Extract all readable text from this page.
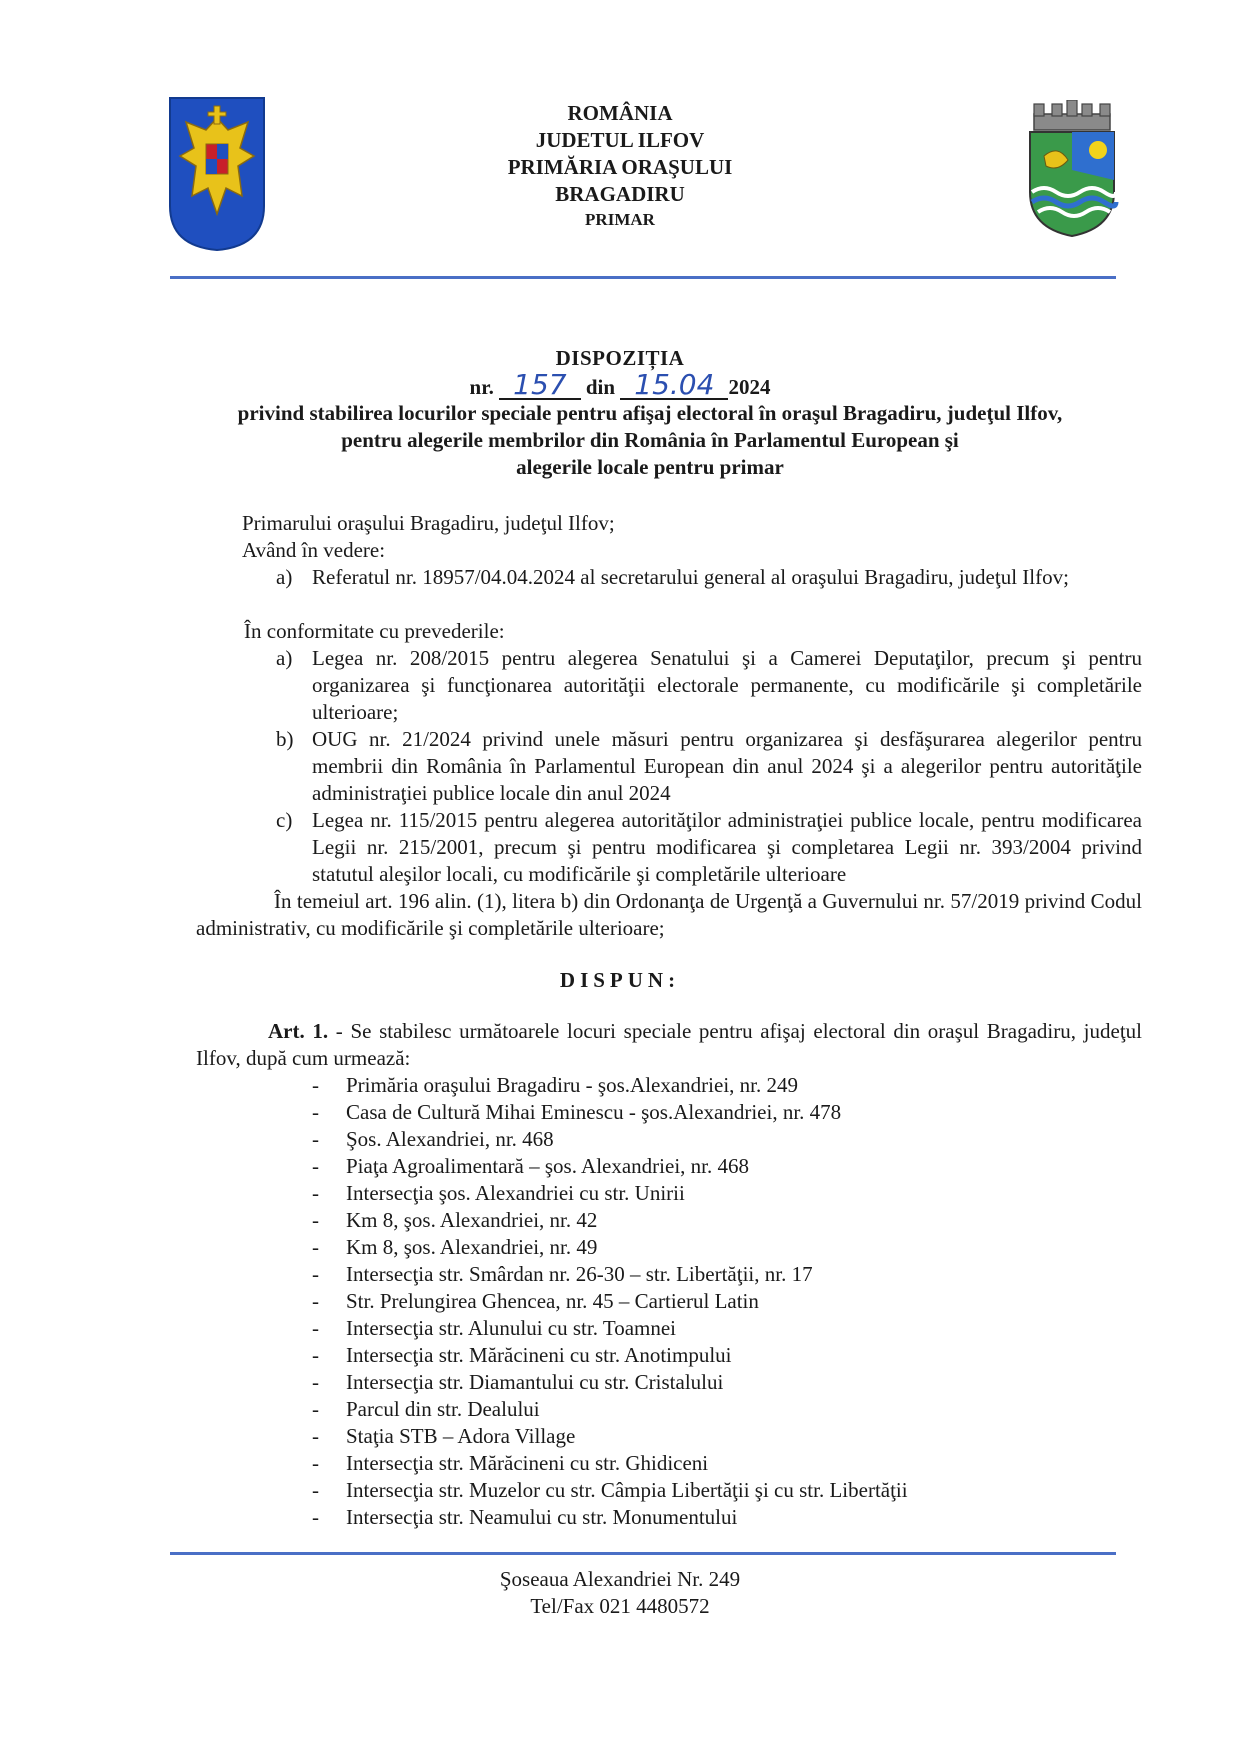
ROMÂNIA
JUDETUL ILFOV
PRIMĂRIA ORAŞULUI
BRAGADIRU
PRIMAR
DISPOZIȚIA
nr. 157 din 15.04 2024
privind stabilirea locurilor speciale pentru afişaj electoral în oraşul Bragadiru, judeţul Ilfov,
pentru alegerile membrilor din România în Parlamentul European şi
alegerile locale pentru primar
Primarului oraşului Bragadiru, judeţul Ilfov;
Având în vedere:
a) Referatul nr. 18957/04.04.2024 al secretarului general al oraşului Bragadiru, judeţul Ilfov;
În conformitate cu prevederile:
a) Legea nr. 208/2015 pentru alegerea Senatului şi a Camerei Deputaţilor, precum şi pentru organizarea şi funcţionarea autorităţii electorale permanente, cu modificările şi completările ulterioare;
b) OUG nr. 21/2024 privind unele măsuri pentru organizarea şi desfăşurarea alegerilor pentru membrii din România în Parlamentul European din anul 2024 şi a alegerilor pentru autorităţile administraţiei publice locale din anul 2024
c) Legea nr. 115/2015 pentru alegerea autorităţilor administraţiei publice locale, pentru modificarea Legii nr. 215/2001, precum şi pentru modificarea şi completarea Legii nr. 393/2004 privind statutul aleşilor locali, cu modificările şi completările ulterioare
În temeiul art. 196 alin. (1), litera b) din Ordonanţa de Urgenţă a Guvernului nr. 57/2019 privind Codul administrativ, cu modificările şi completările ulterioare;
DISPUN:
Art. 1. - Se stabilesc următoarele locuri speciale pentru afişaj electoral din oraşul Bragadiru, judeţul Ilfov, după cum urmează:
- Primăria oraşului Bragadiru - şos.Alexandriei, nr. 249
- Casa de Cultură Mihai Eminescu - şos.Alexandriei, nr. 478
- Şos. Alexandriei, nr. 468
- Piaţa Agroalimentară – şos. Alexandriei, nr. 468
- Intersecţia şos. Alexandriei cu str. Unirii
- Km 8, şos. Alexandriei, nr. 42
- Km 8, şos. Alexandriei, nr. 49
- Intersecţia str. Smârdan nr. 26-30 – str. Libertăţii, nr. 17
- Str. Prelungirea Ghencea, nr. 45 – Cartierul Latin
- Intersecţia str. Alunului cu str. Toamnei
- Intersecţia str. Mărăcineni cu str. Anotimpului
- Intersecţia str. Diamantului cu str. Cristalului
- Parcul din str. Dealului
- Staţia STB – Adora Village
- Intersecţia str. Mărăcineni cu str. Ghidiceni
- Intersecţia str. Muzelor cu str. Câmpia Libertăţii şi cu str. Libertăţii
- Intersecţia str. Neamului cu str. Monumentului
Şoseaua Alexandriei Nr. 249
Tel/Fax 021 4480572
